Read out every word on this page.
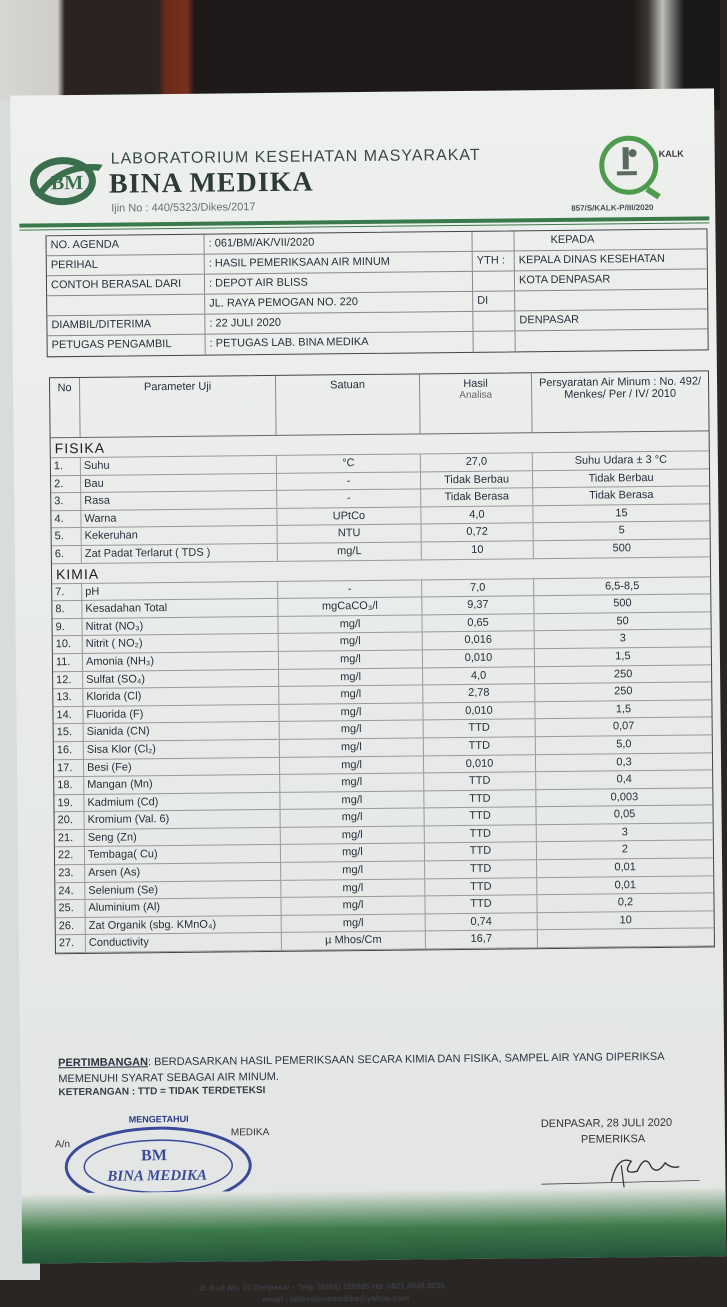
BM
LABORATORIUM KESEHATAN MASYARAKAT
BINA MEDIKA
Ijin No : 440/5323/Dikes/2017
KALK
857/S/KALK-P/III/2020
NO. AGENDA	: 061/BM/AK/VII/2020	KEPADA
PERIHAL	: HASIL PEMERIKSAAN AIR MINUM	YTH :	KEPALA DINAS KESEHATAN
CONTOH BERASAL DARI	: DEPOT AIR BLISS	KOTA DENPASAR
JL. RAYA PEMOGAN NO. 220	DI
DIAMBIL/DITERIMA	: 22 JULI 2020	DENPASAR
PETUGAS PENGAMBIL	: PETUGAS LAB. BINA MEDIKA
No	Parameter Uji	Satuan	Hasil
Analisa
Persyaratan Air Minum : No. 492/ Menkes/ Per / IV/ 2010
FISIKA
1.	Suhu	°C	27,0	Suhu Udara ± 3 °C
2.	Bau	-	Tidak Berbau	Tidak Berbau
3.	Rasa	-	Tidak Berasa	Tidak Berasa
4.	Warna	UPtCo	4,0	15
5.	Kekeruhan	NTU	0,72	5
6.	Zat Padat Terlarut ( TDS )	mg/L	10	500
KIMIA
7.	pH	-	7,0	6,5-8,5
8.	Kesadahan Total	mgCaCO₃/l	9,37	500
9.	Nitrat (NO₃)	mg/l	0,65	50
10.	Nitrit ( NO₂)	mg/l	0,016	3
11.	Amonia (NH₃)	mg/l	0,010	1,5
12.	Sulfat (SO₄)	mg/l	4,0	250
13.	Klorida (Cl)	mg/l	2,78	250
14.	Fluorida (F)	mg/l	0,010	1,5
15.	Sianida (CN)	mg/l	TTD	0,07
16.	Sisa Klor (Cl₂)	mg/l	TTD	5,0
17.	Besi (Fe)	mg/l	0,010	0,3
18.	Mangan (Mn)	mg/l	TTD	0,4
19.	Kadmium (Cd)	mg/l	TTD	0,003
20.	Kromium (Val. 6)	mg/l	TTD	0,05
21.	Seng (Zn)	mg/l	TTD	3
22.	Tembaga( Cu)	mg/l	TTD	2
23.	Arsen (As)	mg/l	TTD	0,01
24.	Selenium (Se)	mg/l	TTD	0,01
25.	Aluminium (Al)	mg/l	TTD	0,2
26.	Zat Organik (sbg. KMnO₄)	mg/l	0,74	10
27.	Conductivity	µ Mhos/Cm	16,7
PERTIMBANGAN: BERDASARKAN HASIL PEMERIKSAAN SECARA KIMIA DAN FISIKA, SAMPEL AIR YANG DIPERIKSA MEMENUHI SYARAT SEBAGAI AIR MINUM.
KETERANGAN : TTD = TIDAK TERDETEKSI
MENGETAHUI
A/n
MEDIKA
BM
BINA MEDIKA
DENPASAR, 28 JULI 2020
PEMERIKSA
Jl. Buit No. 10 Denpasar - Telp. (0361) 228085 Hp. 0821 4648 3035
email : labkesbinamedika@yahoo.com
